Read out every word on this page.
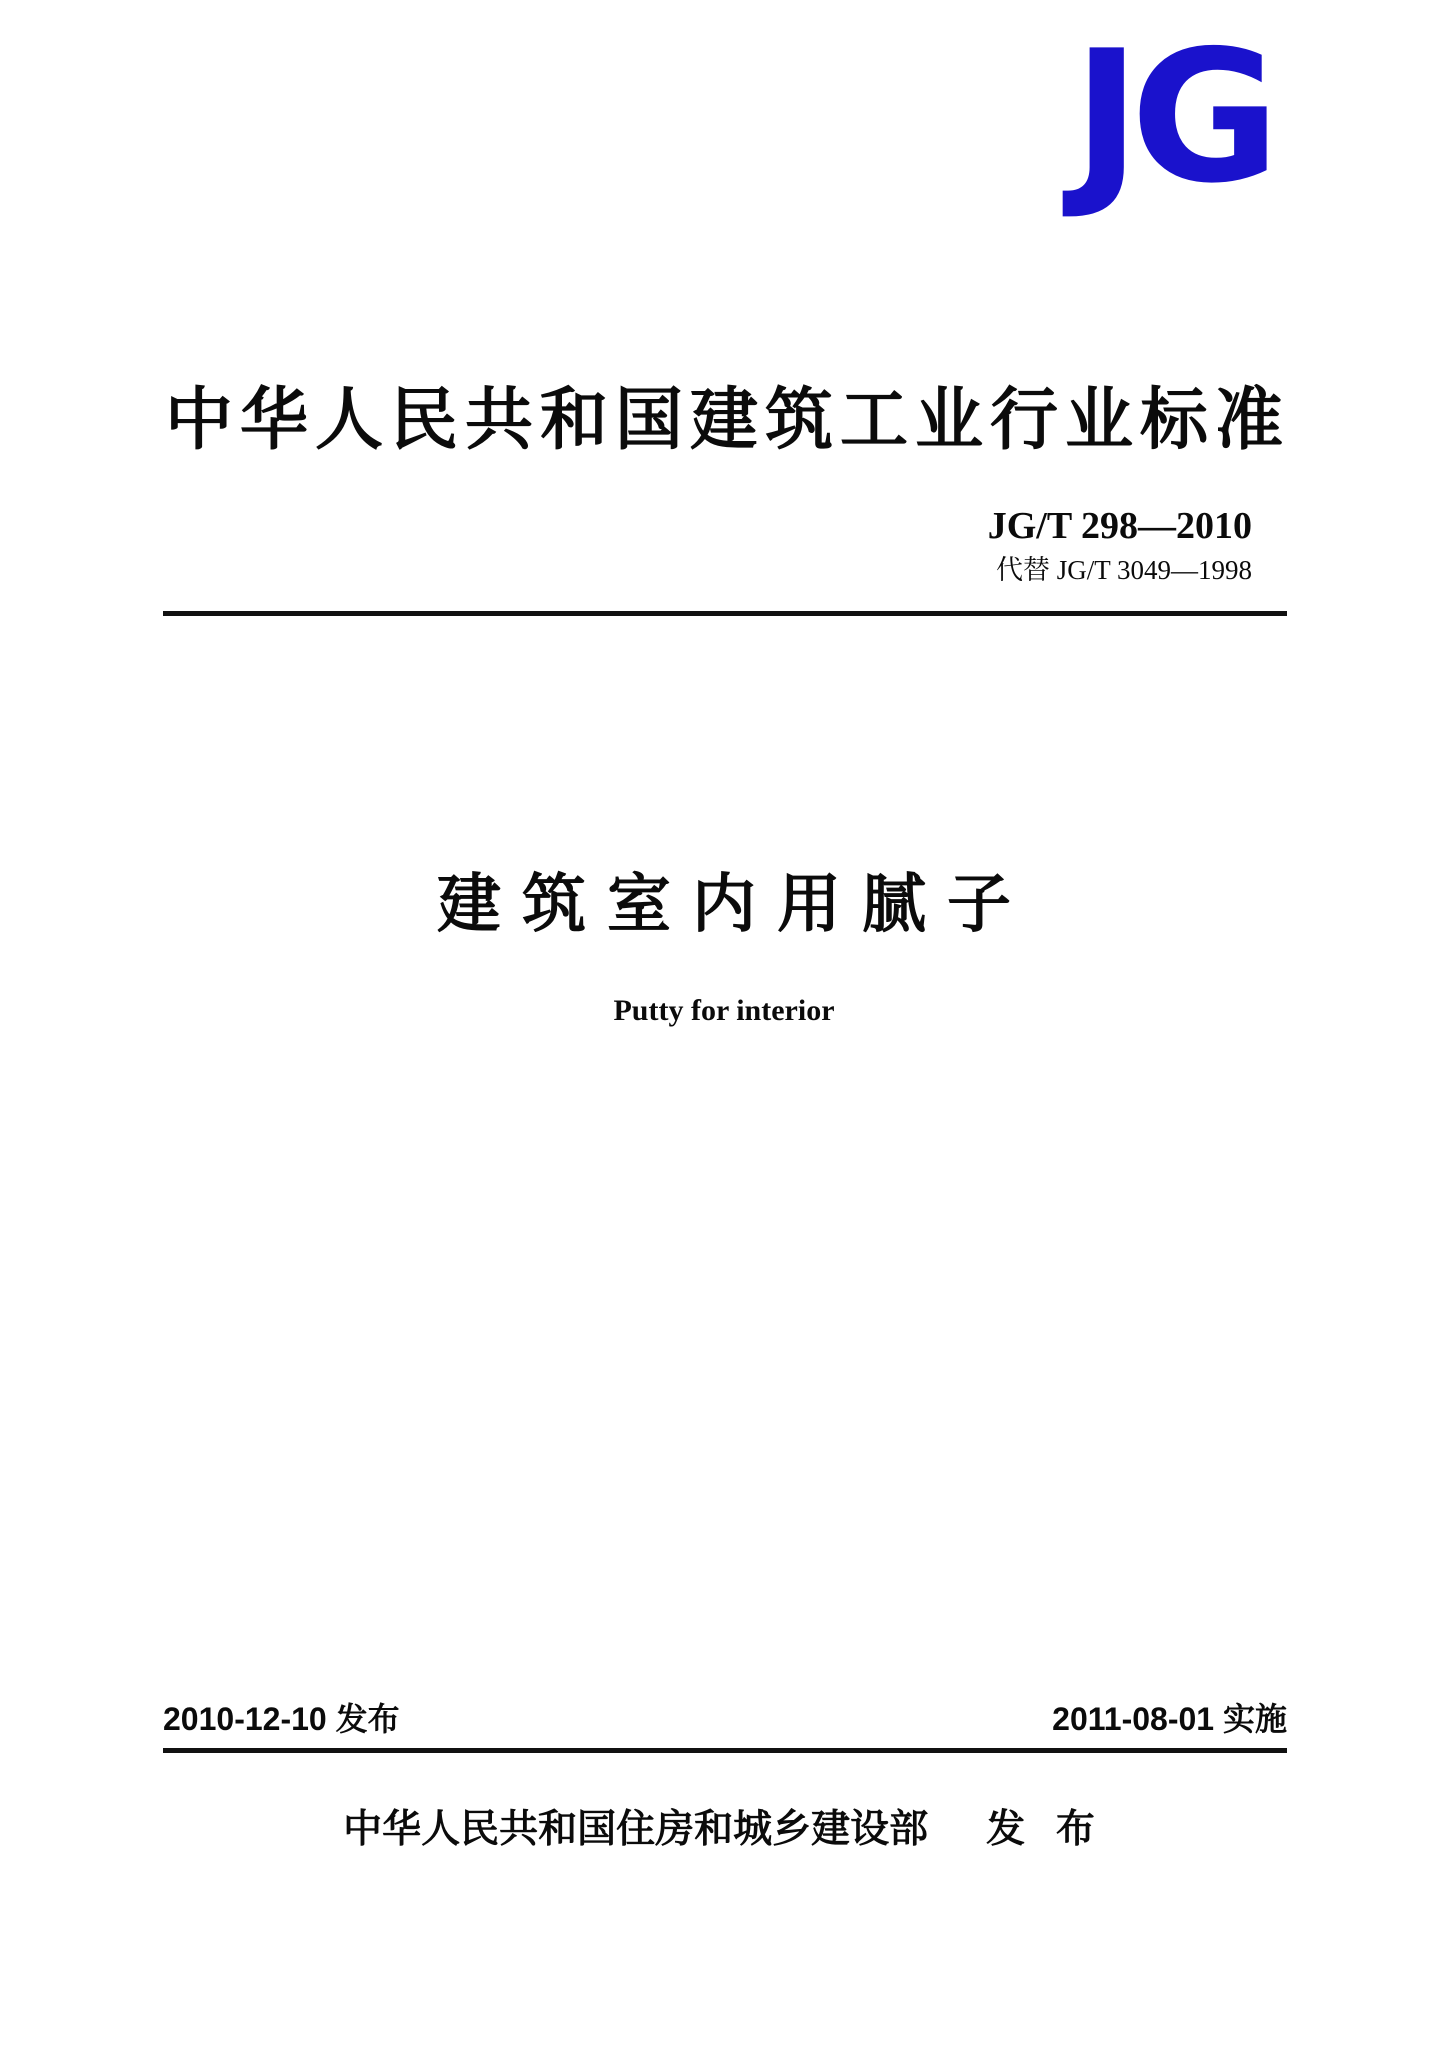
JG
中华人民共和国建筑工业行业标准
JG/T 298—2010
代替 JG/T 3049—1998
建筑室内用腻子
Putty for interior
2010-12-10 发布	2011-08-01 实施
中华人民共和国住房和城乡建设部 发 布
